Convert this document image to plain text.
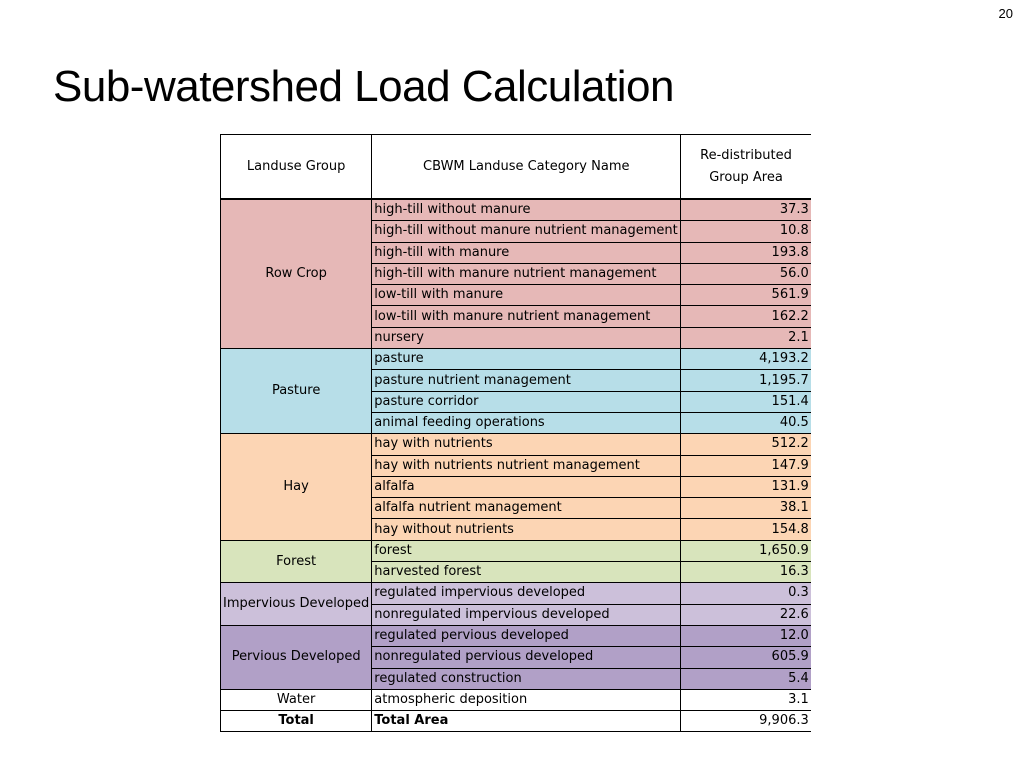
20
Sub-watershed Load Calculation
Landuse Group	CBWM Landuse Category Name	Re-distributed Group Area
Row Crop	high-till without manure	37.3
	high-till without manure nutrient management	10.8
	high-till with manure	193.8
	high-till with manure nutrient management	56.0
	low-till with manure	561.9
	low-till with manure nutrient management	162.2
	nursery	2.1
Pasture	pasture	4,193.2
	pasture nutrient management	1,195.7
	pasture corridor	151.4
	animal feeding operations	40.5
Hay	hay with nutrients	512.2
	hay with nutrients nutrient management	147.9
	alfalfa	131.9
	alfalfa nutrient management	38.1
	hay without nutrients	154.8
Forest	forest	1,650.9
	harvested forest	16.3
Impervious Developed	regulated impervious developed	0.3
	nonregulated impervious developed	22.6
Pervious Developed	regulated pervious developed	12.0
	nonregulated pervious developed	605.9
	regulated construction	5.4
Water	atmospheric deposition	3.1
Total	Total Area	9,906.3
